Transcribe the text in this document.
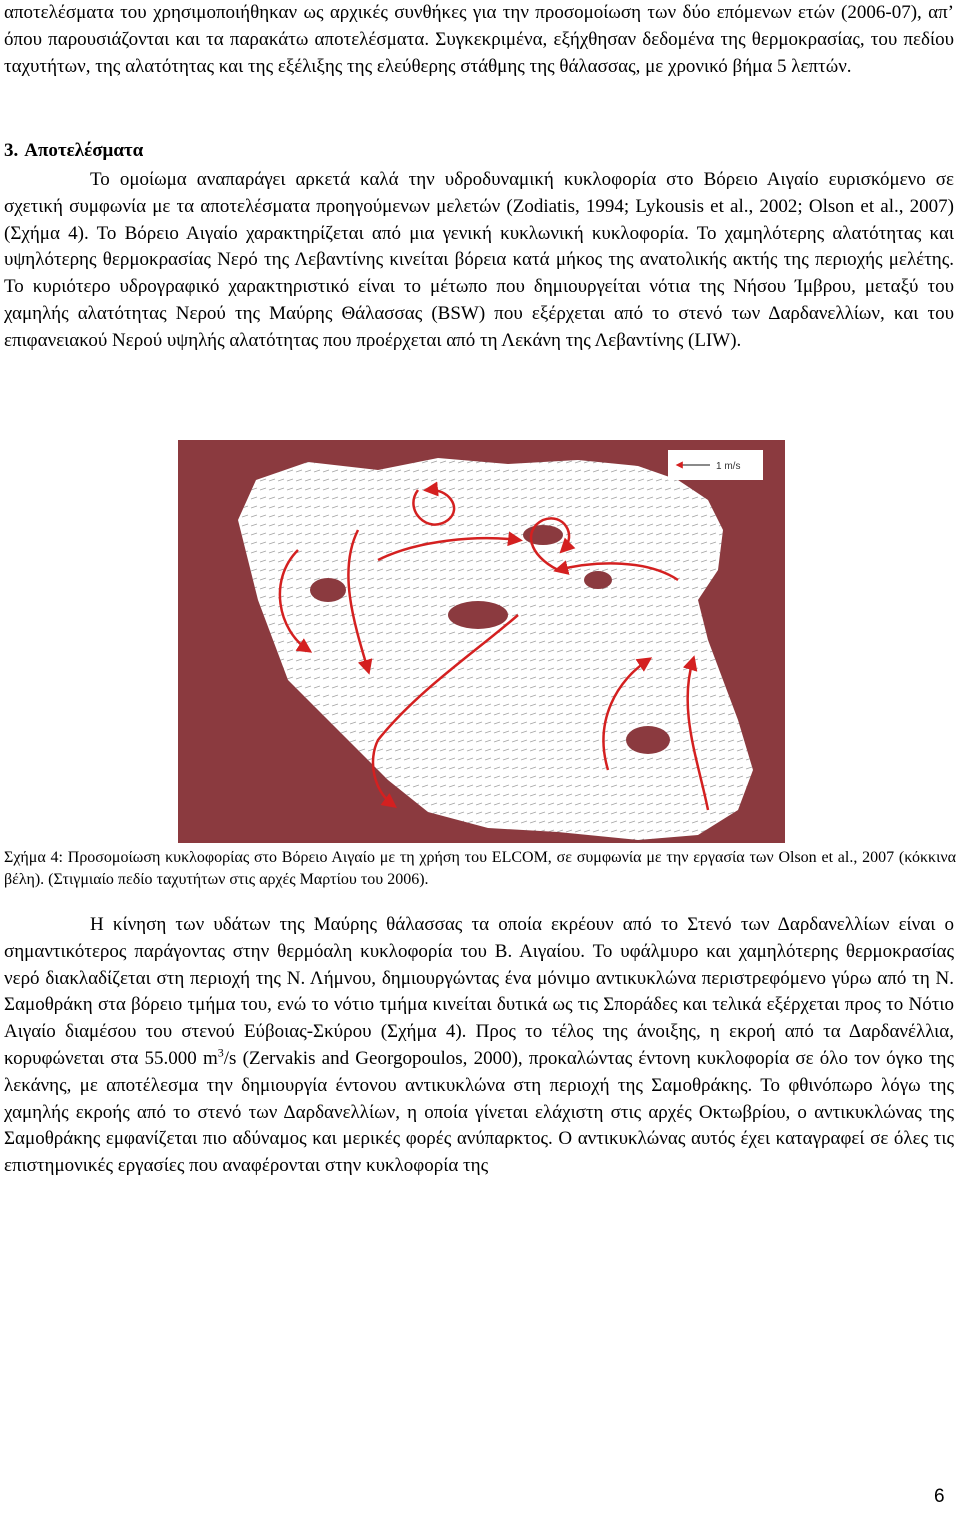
αποτελέσματα του χρησιμοποιήθηκαν ως αρχικές συνθήκες για την προσομοίωση των δύο επόμενων ετών (2006-07), απ’ όπου παρουσιάζονται και τα παρακάτω αποτελέσματα. Συγκεκριμένα, εξήχθησαν δεδομένα της θερμοκρασίας, του πεδίου ταχυτήτων, της αλατότητας και της εξέλιξης της ελεύθερης στάθμης της θάλασσας, με χρονικό βήμα 5 λεπτών.

3. Αποτελέσματα

Το ομοίωμα αναπαράγει αρκετά καλά την υδροδυναμική κυκλοφορία στο Βόρειο Αιγαίο ευρισκόμενο σε σχετική συμφωνία με τα αποτελέσματα προηγούμενων μελετών (Zodiatis, 1994; Lykousis et al., 2002; Olson et al., 2007) (Σχήμα 4). Το Βόρειο Αιγαίο χαρακτηρίζεται από μια γενική κυκλωνική κυκλοφορία. Το χαμηλότερης αλατότητας και υψηλότερης θερμοκρασίας Νερό της Λεβαντίνης κινείται βόρεια κατά μήκος της ανατολικής ακτής της περιοχής μελέτης. Το κυριότερο υδρογραφικό χαρακτηριστικό είναι το μέτωπο που δημιουργείται νότια της Νήσου Ίμβρου, μεταξύ του χαμηλής αλατότητας Νερού της Μαύρης Θάλασσας (BSW) που εξέρχεται από το στενό των Δαρδανελλίων, και του επιφανειακού Νερού υψηλής αλατότητας που προέρχεται από τη Λεκάνη της Λεβαντίνης (LIW).

1 m/s

Σχήμα 4: Προσομοίωση κυκλοφορίας στο Βόρειο Αιγαίο με τη χρήση του ELCOM, σε συμφωνία με την εργασία των Olson et al., 2007 (κόκκινα βέλη). (Στιγμιαίο πεδίο ταχυτήτων στις αρχές Μαρτίου του 2006).

Η κίνηση των υδάτων της Μαύρης θάλασσας τα οποία εκρέουν από το Στενό των Δαρδανελλίων είναι ο σημαντικότερος παράγοντας στην θερμόαλη κυκλοφορία του Β. Αιγαίου. Το υφάλμυρο και χαμηλότερης θερμοκρασίας νερό διακλαδίζεται στη περιοχή της Ν. Λήμνου, δημιουργώντας ένα μόνιμο αντικυκλώνα περιστρεφόμενο γύρω από τη Ν. Σαμοθράκη στα βόρειο τμήμα του, ενώ το νότιο τμήμα κινείται δυτικά ως τις Σποράδες και τελικά εξέρχεται προς το Νότιο Αιγαίο διαμέσου του στενού Εύβοιας-Σκύρου (Σχήμα 4). Προς το τέλος της άνοιξης, η εκροή από τα Δαρδανέλλια, κορυφώνεται στα 55.000 $m^3/s$ (Zervakis and Georgopoulos, 2000), προκαλώντας έντονη κυκλοφορία σε όλο τον όγκο της λεκάνης, με αποτέλεσμα την δημιουργία έντονου αντικυκλώνα στη περιοχή της Σαμοθράκης. Το φθινόπωρο λόγω της χαμηλής εκροής από το στενό των Δαρδανελλίων, η οποία γίνεται ελάχιστη στις αρχές Οκτωβρίου, ο αντικυκλώνας της Σαμοθράκης εμφανίζεται πιο αδύναμος και μερικές φορές ανύπαρκτος. Ο αντικυκλώνας αυτός έχει καταγραφεί σε όλες τις επιστημονικές εργασίες που αναφέρονται στην κυκλοφορία της

6
